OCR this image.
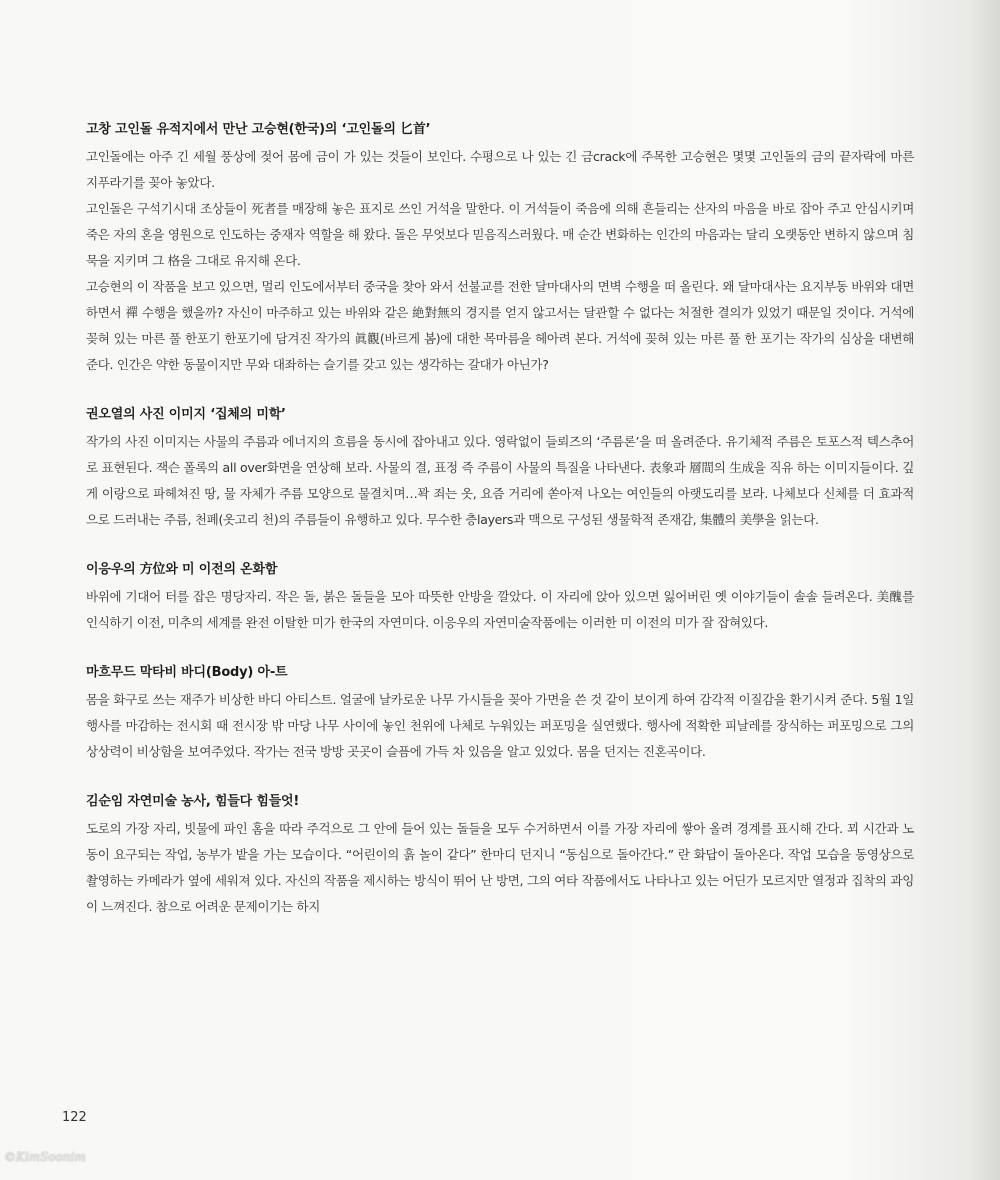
고창 고인돌 유적지에서 만난 고승현(한국)의 ‘고인돌의 匕首’

고인돌에는 아주 긴 세월 풍상에 젖어 몸에 금이 가 있는 것들이 보인다. 수평으로 나 있는 긴 금crack에 주목한 고승현은 몇몇 고인돌의 금의 끝자락에 마른 지푸라기를 꽂아 놓았다.

고인돌은 구석기시대 조상들이 死者를 매장해 놓은 표지로 쓰인 거석을 말한다. 이 거석들이 죽음에 의해 흔들리는 산자의 마음을 바로 잡아 주고 안심시키며 죽은 자의 혼을 영원으로 인도하는 중재자 역할을 해 왔다. 돌은 무엇보다 믿음직스러웠다. 매 순간 변화하는 인간의 마음과는 달리 오랫동안 변하지 않으며 침묵을 지키며 그 格을 그대로 유지해 온다.

고승현의 이 작품을 보고 있으면, 멀리 인도에서부터 중국을 찾아 와서 선불교를 전한 달마대사의 면벽 수행을 떠 올린다. 왜 달마대사는 요지부동 바위와 대면하면서 禪 수행을 했을까? 자신이 마주하고 있는 바위와 같은 絶對無의 경지를 얻지 않고서는 달관할 수 없다는 처절한 결의가 있었기 때문일 것이다. 거석에 꽂혀 있는 마른 풀 한포기 한포기에 담겨진 작가의 眞觀(바르게 봄)에 대한 목마름을 헤아려 본다. 거석에 꽂혀 있는 마른 풀 한 포기는 작가의 심상을 대변해 준다. 인간은 약한 동물이지만 무와 대좌하는 슬기를 갖고 있는 생각하는 갈대가 아닌가?

권오열의 사진 이미지 ‘집체의 미학’

작가의 사진 이미지는 사물의 주름과 에너지의 흐름을 동시에 잡아내고 있다. 영락없이 들뢰즈의 ‘주름론’을 떠 올려준다. 유기체적 주름은 토포스적 텍스추어로 표현된다. 잭슨 폴록의 all over화면을 연상해 보라. 사물의 결, 표정 즉 주름이 사물의 특질을 나타낸다. 表象과 層間의 生成을 직유 하는 이미지들이다. 깊게 이랑으로 파헤쳐진 땅, 물 자체가 주름 모양으로 물결치며…꽉 죄는 옷, 요즘 거리에 쏟아져 나오는 여인들의 아랫도리를 보라. 나체보다 신체를 더 효과적으로 드러내는 주름, 천폐(옷고리 천)의 주름들이 유행하고 있다. 무수한 층layers과 맥으로 구성된 생물학적 존재감, 集體의 美學을 읽는다.

이응우의 方位와 미 이전의 온화함

바위에 기대어 터를 잡은 명당자리. 작은 돌, 붉은 돌들을 모아 따뜻한 안방을 깔았다. 이 자리에 앉아 있으면 잃어버린 옛 이야기들이 솔솔 들려온다. 美醜를 인식하기 이전, 미추의 세계를 완전 이탈한 미가 한국의 자연미다. 이응우의 자연미술작품에는 이러한 미 이전의 미가 잘 잡혀있다.

마흐무드 막타비 바디(Body) 아-트

몸을 화구로 쓰는 재주가 비상한 바디 아티스트. 얼굴에 날카로운 나무 가시들을 꽂아 가면을 쓴 것 같이 보이게 하여 감각적 이질감을 환기시켜 준다. 5월 1일 행사를 마감하는 전시회 때 전시장 밖 마당 나무 사이에 놓인 천위에 나체로 누워있는 퍼포밍을 실연했다. 행사에 적확한 피날레를 장식하는 퍼포밍으로 그의 상상력이 비상함을 보여주었다. 작가는 전국 방방 곳곳이 슬픔에 가득 차 있음을 알고 있었다. 몸을 던지는 진혼곡이다.

김순임 자연미술 농사, 힘들다 힘들엇!

도로의 가장 자리, 빗물에 파인 홈을 따라 주걱으로 그 안에 들어 있는 돌들을 모두 수거하면서 이를 가장 자리에 쌓아 올려 경계를 표시해 간다. 꾀 시간과 노동이 요구되는 작업, 농부가 밭을 가는 모습이다. “어린이의 흙 놀이 같다” 한마디 던지니 “동심으로 돌아간다.” 란 화답이 돌아온다. 작업 모습을 동영상으로 촬영하는 카메라가 옆에 세워져 있다. 자신의 작품을 제시하는 방식이 뛰어 난 방면, 그의 여타 작품에서도 나타나고 있는 어딘가 모르지만 열정과 집착의 과잉이 느껴진다. 참으로 어려운 문제이기는 하지

122
©KimSoonim
